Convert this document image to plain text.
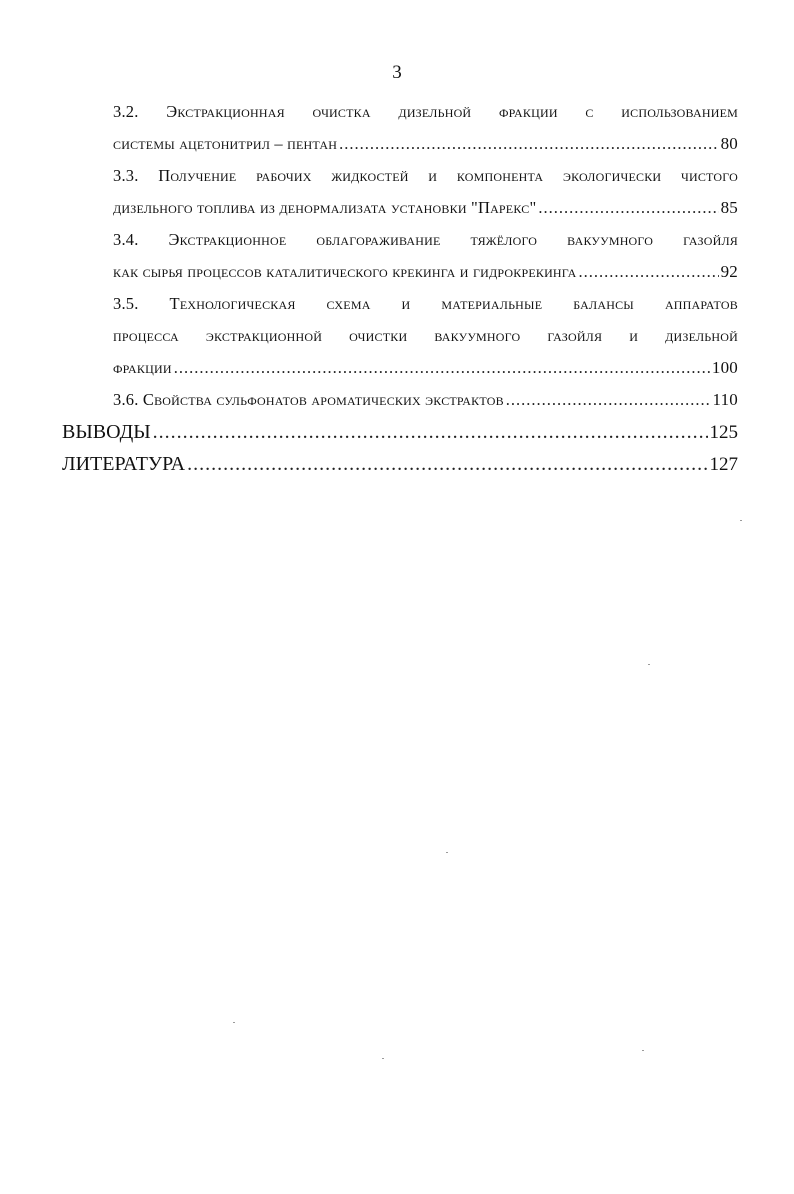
3
3.2. Экстракционная очистка дизельной фракции с использованием
системы ацетонитрил – пентан .....	80
3.3. Получение рабочих жидкостей и компонента экологически чистого
дизельного топлива из денормализата установки "Парекс" .....	85
3.4. Экстракционное облагораживание тяжёлого вакуумного газойля
как сырья процессов каталитического крекинга и гидрокрекинга .....	92
3.5. Технологическая схема и материальные балансы аппаратов
процесса экстракционной очистки вакуумного газойля и дизельной
фракции .....	100
3.6. Свойства сульфонатов ароматических экстрактов .....	110
ВЫВОДЫ .....	125
ЛИТЕРАТУРА .....	127
